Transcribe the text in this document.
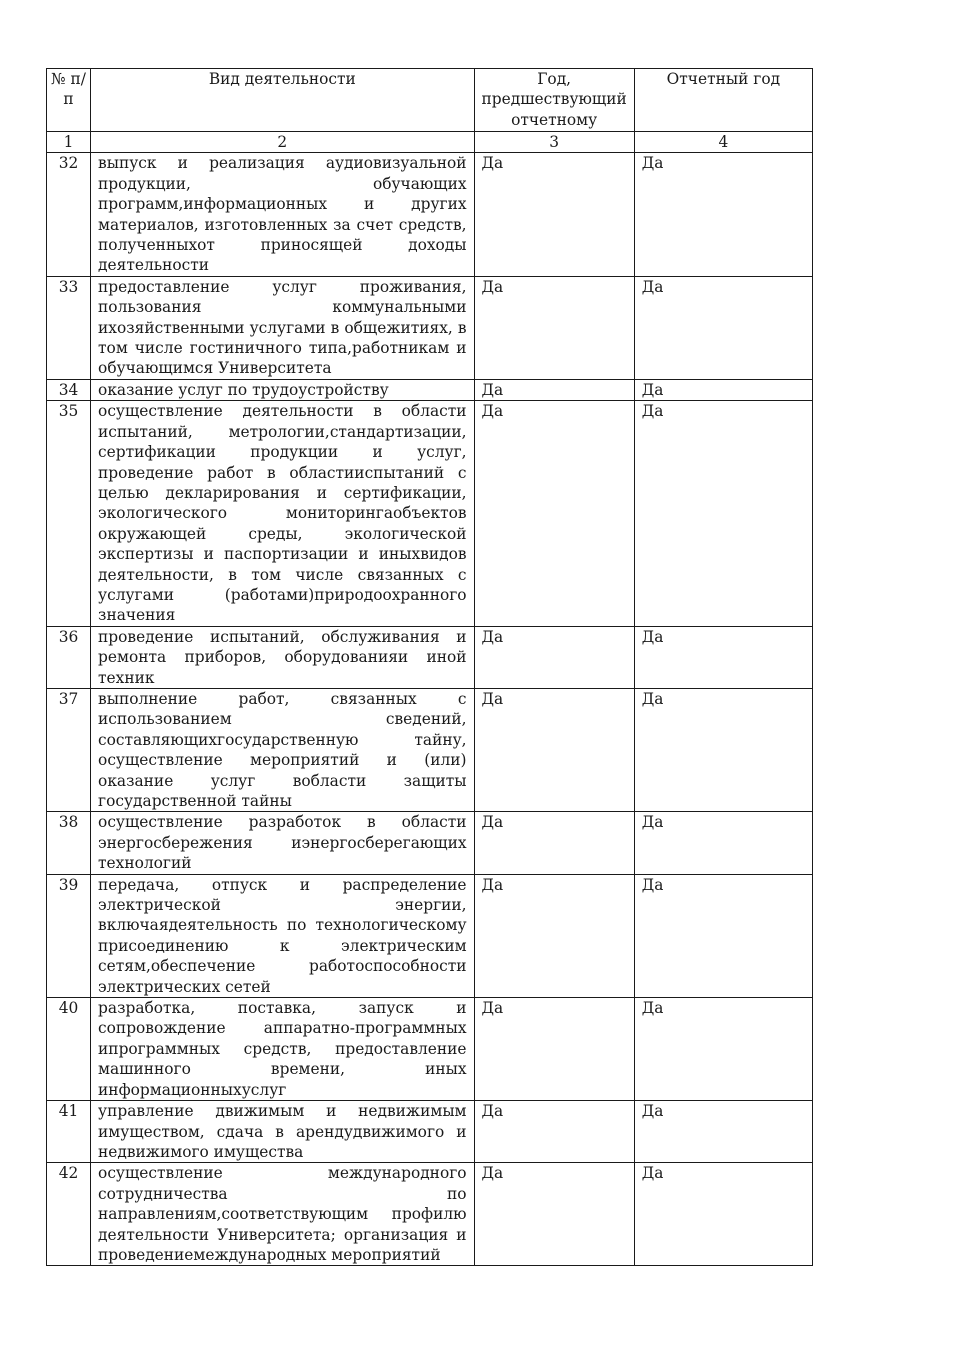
№ п/п	Вид деятельности	Год, предшествующий отчетному	Отчетный год
1	2	3	4
32	выпуск и реализация аудиовизуальной продукции, обучающих программ,информационных и других материалов, изготовленных за счет средств, полученныхот приносящей доходы деятельности	Да	Да
33	предоставление услуг проживания, пользования коммунальными ихозяйственными услугами в общежитиях, в том числе гостиничного типа,работникам и обучающимся Университета	Да	Да
34	оказание услуг по трудоустройству	Да	Да
35	осуществление деятельности в области испытаний, метрологии,стандартизации, сертификации продукции и услуг, проведение работ в областииспытаний с целью декларирования и сертификации, экологического мониторингаобъектов окружающей среды, экологической экспертизы и паспортизации и иныхвидов деятельности, в том числе связанных с услугами (работами)природоохранного значения	Да	Да
36	проведение испытаний, обслуживания и ремонта приборов, оборудованияи иной техник	Да	Да
37	выполнение работ, связанных с использованием сведений, составляющихгосударственную тайну, осуществление мероприятий и (или) оказание услуг вобласти защиты государственной тайны	Да	Да
38	осуществление разработок в области энергосбережения иэнергосберегающих технологий	Да	Да
39	передача, отпуск и распределение электрической энергии, включаядеятельность по технологическому присоединению к электрическим сетям,обеспечение работоспособности электрических сетей	Да	Да
40	разработка, поставка, запуск и сопровождение аппаратно-программных ипрограммных средств, предоставление машинного времени, иных информационныхуслуг	Да	Да
41	управление движимым и недвижимым имуществом, сдача в арендудвижимого и недвижимого имущества	Да	Да
42	осуществление международного сотрудничества по направлениям,соответствующим профилю деятельности Университета; организация и проведениемеждународных мероприятий	Да	Да
